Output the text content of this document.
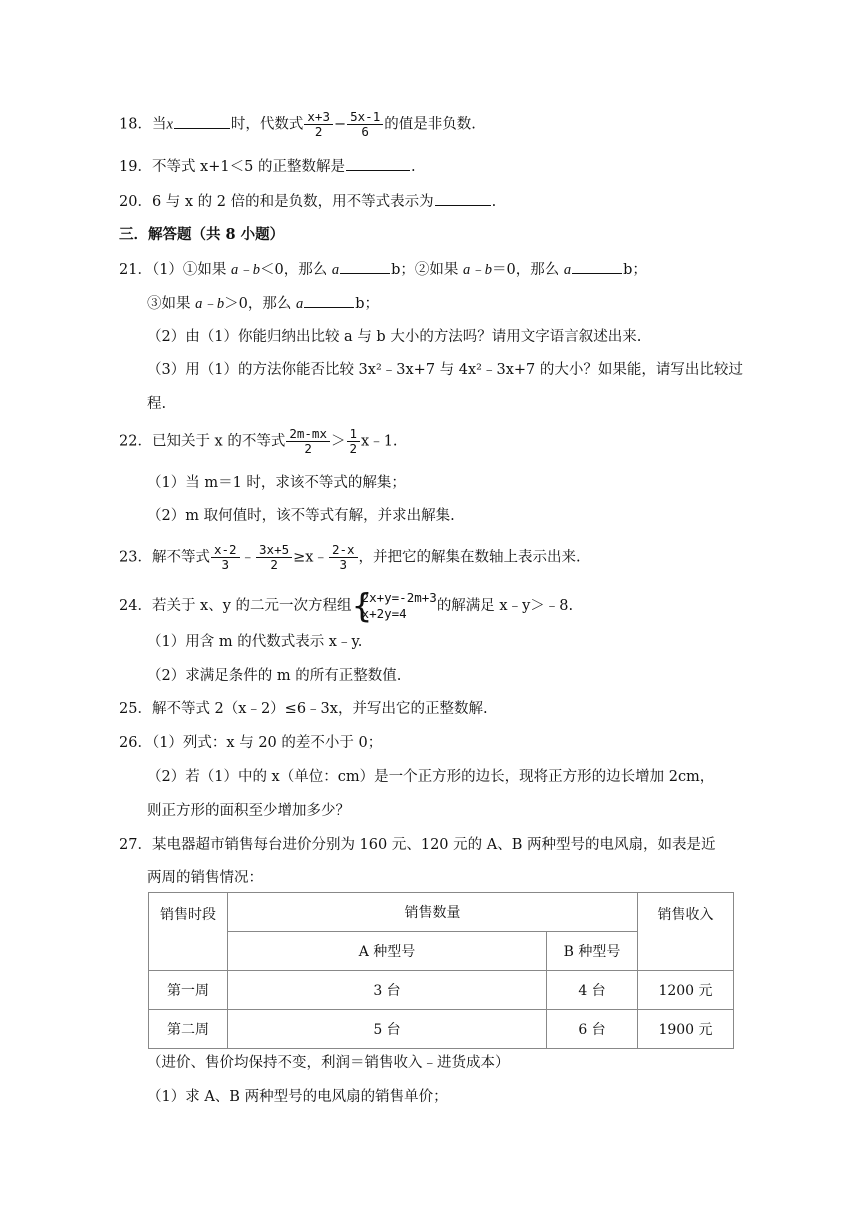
18．当x	时，代数式 $\frac{x+3}{2} - \frac{5x-1}{6}$ 的值是非负数.
19．不等式 x+1＜5 的正整数解是	.
20．6 与 x 的 2 倍的和是负数，用不等式表示为	.
三．解答题（共 8 小题）
21．（1）①如果 a﹣b＜0，那么 a	b；②如果 a﹣b＝0，那么 a	b；
③如果 a﹣b＞0，那么 a	b；
（2）由（1）你能归纳出比较 a 与 b 大小的方法吗？请用文字语言叙述出来.
（3）用（1）的方法你能否比较 3x²﹣3x+7 与 4x²﹣3x+7 的大小？如果能，请写出比较过
程.
22．已知关于 x 的不等式 $\frac{2m-mx}{2} > \frac{1}{2}$ x﹣1.
（1）当 m＝1 时，求该不等式的解集；
（2）m 取何值时，该不等式有解，并求出解集.
23．解不等式 $\frac{x-2}{3}$ ﹣ $\frac{3x+5}{2}$ ≥x﹣ $\frac{2-x}{3}$ ，并把它的解集在数轴上表示出来.
24．若关于 x、y 的二元一次方程组 {
2x+y=-2m+3
x+2y=4	的解满足 x﹣y＞﹣8.
（1）用含 m 的代数式表示 x﹣y.
（2）求满足条件的 m 的所有正整数值.
25．解不等式 2（x﹣2）≤6﹣3x，并写出它的正整数解.
26．（1）列式：x 与 20 的差不小于 0；
（2）若（1）中的 x（单位：cm）是一个正方形的边长，现将正方形的边长增加 2cm，
则正方形的面积至少增加多少？
27．某电器超市销售每台进价分别为 160 元、120 元的 A、B 两种型号的电风扇，如表是近
两周的销售情况：
销售时段	销售数量		销售收入
	A 种型号	B 种型号	
第一周	3 台	4 台	1200 元
第二周	5 台	6 台	1900 元
（进价、售价均保持不变，利润＝销售收入﹣进货成本）
（1）求 A、B 两种型号的电风扇的销售单价；
